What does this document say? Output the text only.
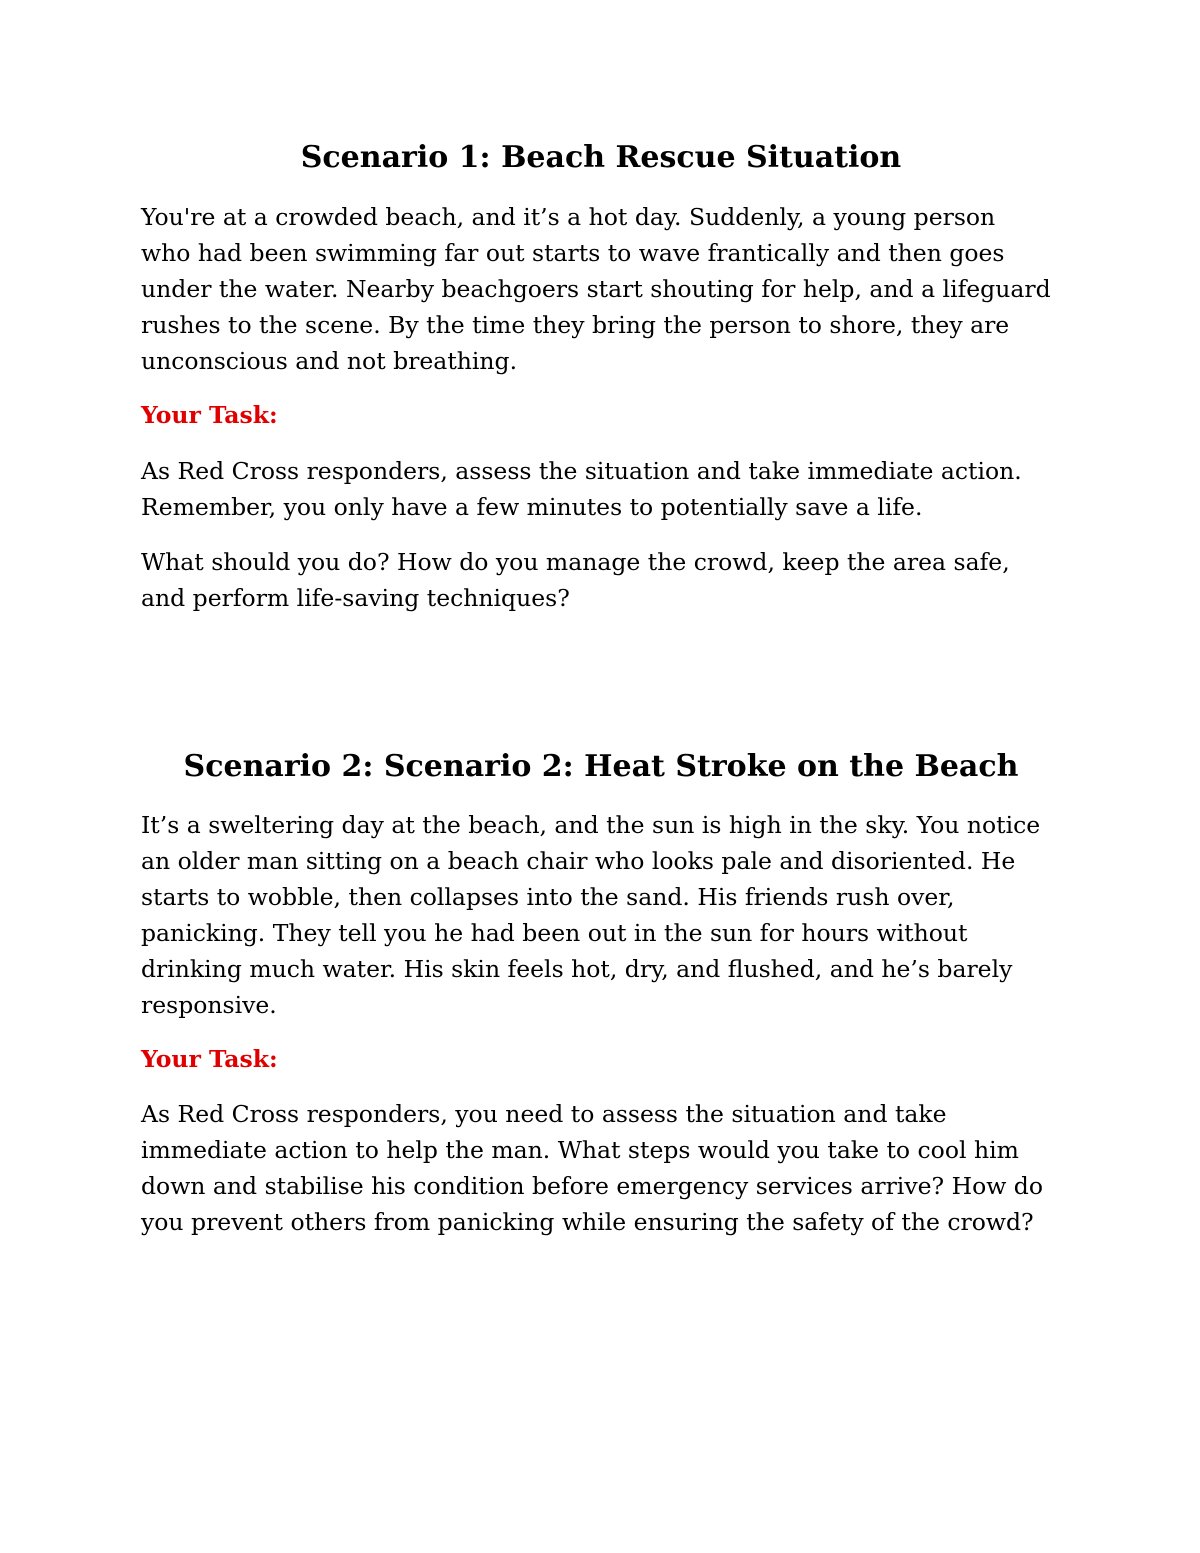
Scenario 1: Beach Rescue Situation

You're at a crowded beach, and it’s a hot day. Suddenly, a young person
who had been swimming far out starts to wave frantically and then goes
under the water. Nearby beachgoers start shouting for help, and a lifeguard
rushes to the scene. By the time they bring the person to shore, they are
unconscious and not breathing.

Your Task:

As Red Cross responders, assess the situation and take immediate action.
Remember, you only have a few minutes to potentially save a life.

What should you do? How do you manage the crowd, keep the area safe,
and perform life-saving techniques?

Scenario 2: Scenario 2: Heat Stroke on the Beach

It’s a sweltering day at the beach, and the sun is high in the sky. You notice
an older man sitting on a beach chair who looks pale and disoriented. He
starts to wobble, then collapses into the sand. His friends rush over,
panicking. They tell you he had been out in the sun for hours without
drinking much water. His skin feels hot, dry, and flushed, and he’s barely
responsive.

Your Task:

As Red Cross responders, you need to assess the situation and take
immediate action to help the man. What steps would you take to cool him
down and stabilise his condition before emergency services arrive? How do
you prevent others from panicking while ensuring the safety of the crowd?
